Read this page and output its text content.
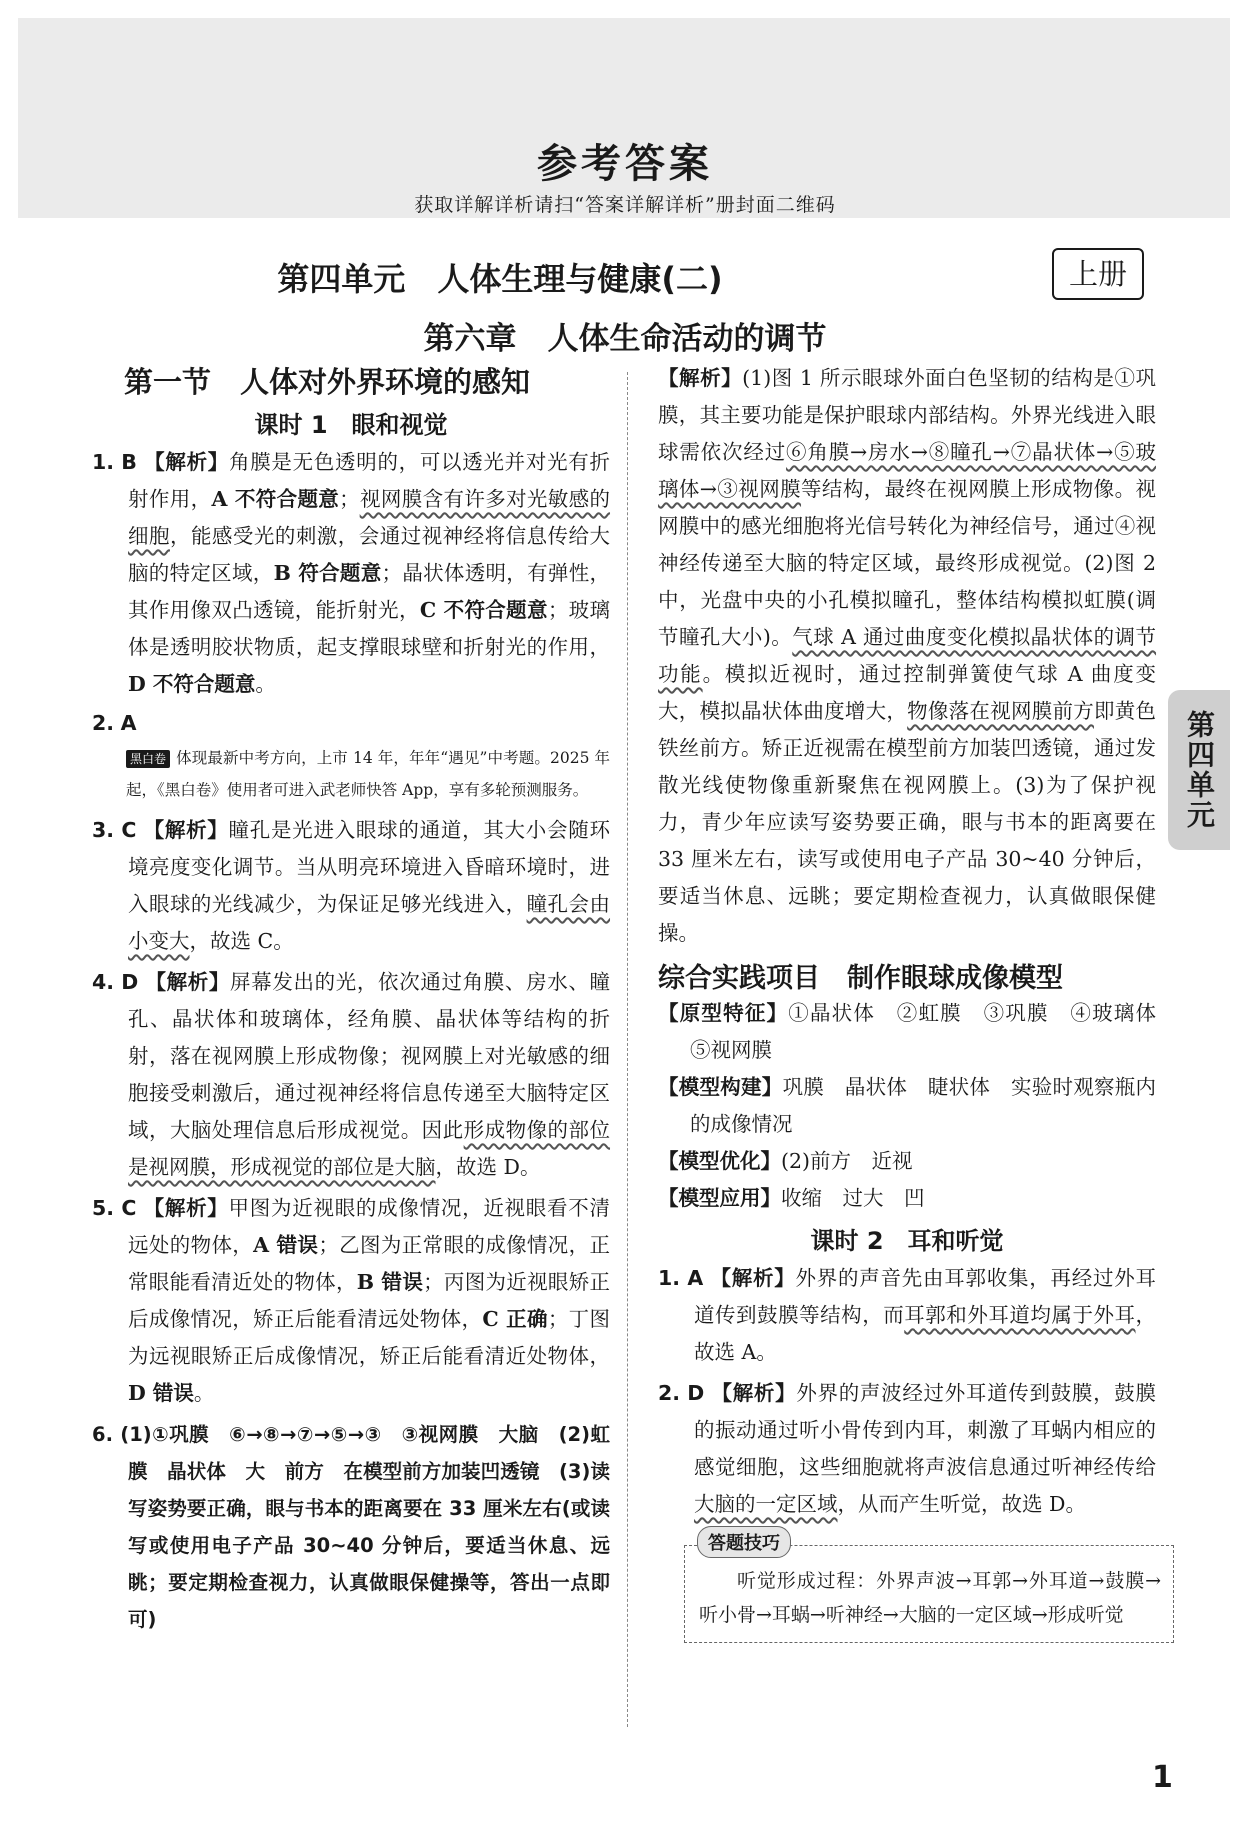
参考答案
获取详解详析请扫“答案详解详析”册封面二维码
第四单元　人体生理与健康(二)	上册
第六章　人体生命活动的调节
第四单元
第一节　人体对外界环境的感知
课时 1　眼和视觉
1. B 【解析】角膜是无色透明的，可以透光并对光有折射作用，A 不符合题意；视网膜含有许多对光敏感的细胞，能感受光的刺激，会通过视神经将信息传给大脑的特定区域，B 符合题意；晶状体透明，有弹性，其作用像双凸透镜，能折射光，C 不符合题意；玻璃体是透明胶状物质，起支撑眼球壁和折射光的作用，D 不符合题意。
2. A
黑白卷 体现最新中考方向，上市 14 年，年年“遇见”中考题。2025 年起，《黑白卷》使用者可进入武老师快答 App，享有多轮预测服务。
3. C 【解析】瞳孔是光进入眼球的通道，其大小会随环境亮度变化调节。当从明亮环境进入昏暗环境时，进入眼球的光线减少，为保证足够光线进入，瞳孔会由小变大，故选 C。
4. D 【解析】屏幕发出的光，依次通过角膜、房水、瞳孔、晶状体和玻璃体，经角膜、晶状体等结构的折射，落在视网膜上形成物像；视网膜上对光敏感的细胞接受刺激后，通过视神经将信息传递至大脑特定区域，大脑处理信息后形成视觉。因此形成物像的部位是视网膜，形成视觉的部位是大脑，故选 D。
5. C 【解析】甲图为近视眼的成像情况，近视眼看不清远处的物体，A 错误；乙图为正常眼的成像情况，正常眼能看清近处的物体，B 错误；丙图为近视眼矫正后成像情况，矫正后能看清远处物体，C 正确；丁图为远视眼矫正后成像情况，矫正后能看清近处物体，D 错误。
6. (1)①巩膜　⑥→⑧→⑦→⑤→③　③视网膜　大脑　(2)虹膜　晶状体　大　前方　在模型前方加装凹透镜　(3)读写姿势要正确，眼与书本的距离要在 33 厘米左右(或读写或使用电子产品 30~40 分钟后，要适当休息、远眺；要定期检查视力，认真做眼保健操等，答出一点即可)
【解析】(1)图 1 所示眼球外面白色坚韧的结构是①巩膜，其主要功能是保护眼球内部结构。外界光线进入眼球需依次经过⑥角膜→房水→⑧瞳孔→⑦晶状体→⑤玻璃体→③视网膜等结构，最终在视网膜上形成物像。视网膜中的感光细胞将光信号转化为神经信号，通过④视神经传递至大脑的特定区域，最终形成视觉。(2)图 2 中，光盘中央的小孔模拟瞳孔，整体结构模拟虹膜(调节瞳孔大小)。气球 A 通过曲度变化模拟晶状体的调节功能。模拟近视时，通过控制弹簧使气球 A 曲度变大，模拟晶状体曲度增大，物像落在视网膜前方即黄色铁丝前方。矫正近视需在模型前方加装凹透镜，通过发散光线使物像重新聚焦在视网膜上。(3)为了保护视力，青少年应读写姿势要正确，眼与书本的距离要在 33 厘米左右，读写或使用电子产品 30~40 分钟后，要适当休息、远眺；要定期检查视力，认真做眼保健操。
综合实践项目　制作眼球成像模型
【原型特征】①晶状体　②虹膜　③巩膜　④玻璃体　⑤视网膜
【模型构建】巩膜　晶状体　睫状体　实验时观察瓶内的成像情况
【模型优化】(2)前方　近视
【模型应用】收缩　过大　凹
课时 2　耳和听觉
1. A 【解析】外界的声音先由耳郭收集，再经过外耳道传到鼓膜等结构，而耳郭和外耳道均属于外耳，故选 A。
2. D 【解析】外界的声波经过外耳道传到鼓膜，鼓膜的振动通过听小骨传到内耳，刺激了耳蜗内相应的感觉细胞，这些细胞就将声波信息通过听神经传给大脑的一定区域，从而产生听觉，故选 D。
答题技巧
听觉形成过程：外界声波→耳郭→外耳道→鼓膜→听小骨→耳蜗→听神经→大脑的一定区域→形成听觉
1
